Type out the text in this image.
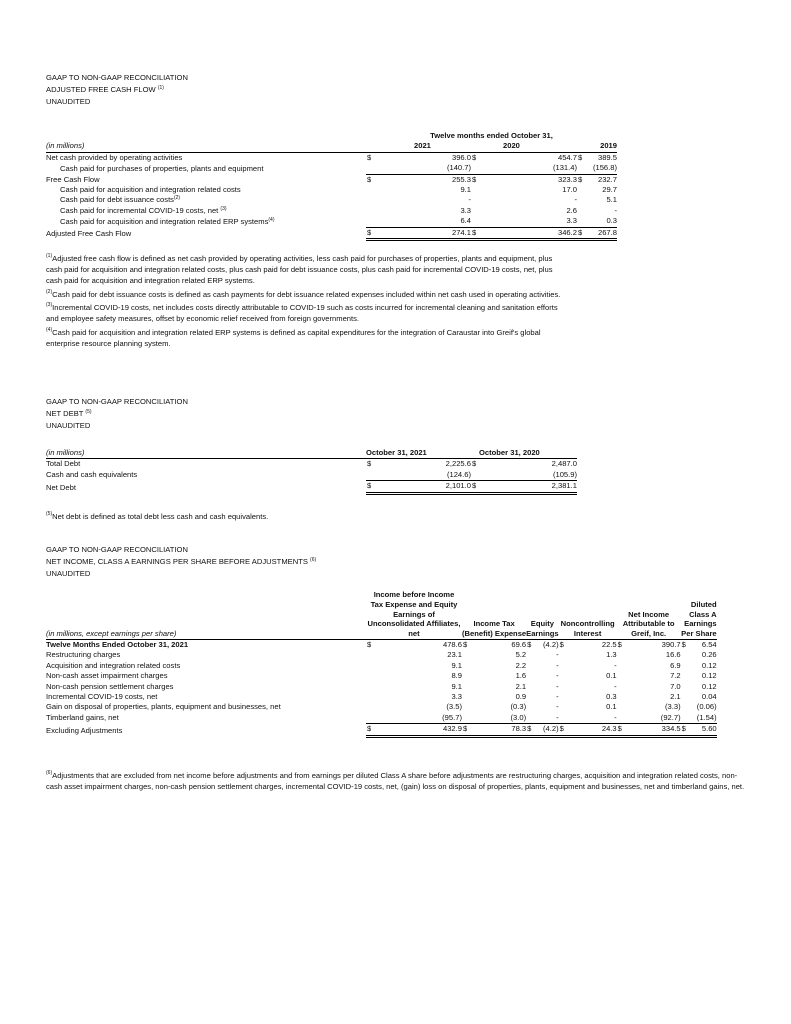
GAAP TO NON-GAAP RECONCILIATION
ADJUSTED FREE CASH FLOW $^{(1)}$
UNAUDITED
	Twelve months ended October 31,					
(in millions)		2021		2020		2019
Net cash provided by operating activities	$	396.0	$	454.7	$	389.5
Cash paid for purchases of properties, plants and equipment		(140.7)		(131.4)		(156.8)
Free Cash Flow	$	255.3	$	323.3	$	232.7
Cash paid for acquisition and integration related costs		9.1		17.0		29.7
Cash paid for debt issuance costs$^{(2)}$		-		-		5.1
Cash paid for incremental COVID-19 costs, net $^{(3)}$		3.3		2.6		-
Cash paid for acquisition and integration related ERP systems$^{(4)}$		6.4		3.3		0.3
Adjusted Free Cash Flow	$	274.1	$	346.2	$	267.8

$^{(1)}$Adjusted free cash flow is defined as net cash provided by operating activities, less cash paid for purchases of properties, plants and equipment, plus cash paid for acquisition and integration related costs, plus cash paid for debt issuance costs, plus cash paid for incremental COVID-19 costs, net, plus cash paid for acquisition and integration related ERP systems.

$^{(2)}$Cash paid for debt issuance costs is defined as cash payments for debt issuance related expenses included within net cash used in operating activities.

$^{(3)}$Incremental COVID-19 costs, net includes costs directly attributable to COVID-19 such as costs incurred for incremental cleaning and sanitation efforts and employee safety measures, offset by economic relief received from foreign governments.

$^{(4)}$Cash paid for acquisition and integration related ERP systems is defined as capital expenditures for the integration of Caraustar into Greif's global enterprise resource planning system.

GAAP TO NON-GAAP RECONCILIATION
NET DEBT $^{(5)}$
UNAUDITED
(in millions)	October 31, 2021		October 31, 2020	
Total Debt	$	2,225.6	$	2,487.0
Cash and cash equivalents		(124.6)		(105.9)
Net Debt	$	2,101.0	$	2,381.1

$^{(5)}$Net debt is defined as total debt less cash and cash equivalents.

GAAP TO NON-GAAP RECONCILIATION
NET INCOME, CLASS A EARNINGS PER SHARE BEFORE ADJUSTMENTS $^{(6)}$
UNAUDITED
	Income before Income											
	Tax Expense and Equity										Diluted	
	Earnings of								Net Income		Class A	
	Unconsolidated Affiliates,		Income Tax		Equity		Noncontrolling		Attributable to		Earnings	
(in millions, except earnings per share)	net		(Benefit) Expense		Earnings		Interest		Greif, Inc.		Per Share	
Twelve Months Ended October 31, 2021	$	478.6	$	69.6	$	(4.2)	$	22.5	$	390.7	$	6.54
Restructuring charges		23.1		5.2		-		1.3		16.6		0.26
Acquisition and integration related costs		9.1		2.2		-		-		6.9		0.12
Non-cash asset impairment charges		8.9		1.6		-		0.1		7.2		0.12
Non-cash pension settlement charges		9.1		2.1		-		-		7.0		0.12
Incremental COVID-19 costs, net		3.3		0.9		-		0.3		2.1		0.04
Gain on disposal of properties, plants, equipment and businesses, net		(3.5)		(0.3)		-		0.1		(3.3)		(0.06)
Timberland gains, net		(95.7)		(3.0)		-		-		(92.7)		(1.54)
Excluding Adjustments	$	432.9	$	78.3	$	(4.2)	$	24.3	$	334.5	$	5.60

$^{(6)}$Adjustments that are excluded from net income before adjustments and from earnings per diluted Class A share before adjustments are restructuring charges, acquisition and integration related costs, non-cash asset impairment charges, non-cash pension settlement charges, incremental COVID-19 costs, net, (gain) loss on disposal of properties, plants, equipment and businesses, net and timberland gains, net.
